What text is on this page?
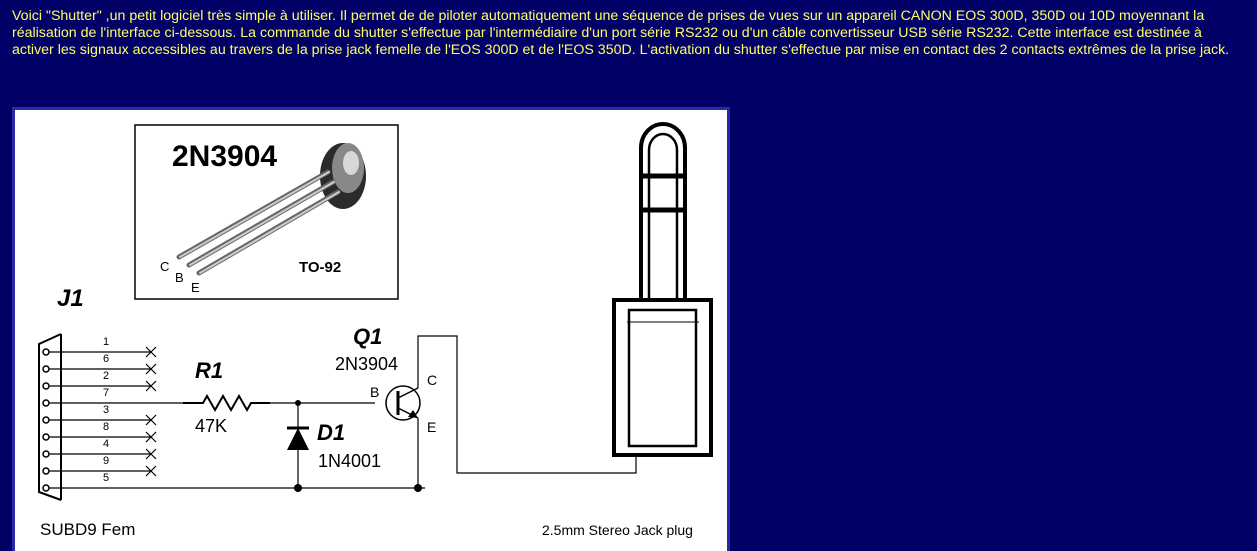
Voici "Shutter" ,un petit logiciel très simple à utiliser. Il permet de de piloter automatiquement une séquence de prises de vues sur un appareil CANON EOS 300D, 350D ou 10D moyennant la réalisation de l'interface ci-dessous. La commande du shutter s'effectue par l'intermédiaire d'un port série RS232 ou d'un câble convertisseur USB série RS232. Cette interface est destinée à activer les signaux accessibles au travers de la prise jack femelle de l'EOS 300D et de l'EOS 350D. L'activation du shutter s'effectue par mise en contact des 2 contacts extrêmes de la prise jack.

2N3904
C
B
E
TO-92
J1
1
6
2
7
3
8
4
9
5
SUBD9 Fem
R1
47K	D1
1N4001
Q1
2N3904
B
C
E
2.5mm Stereo Jack plug
